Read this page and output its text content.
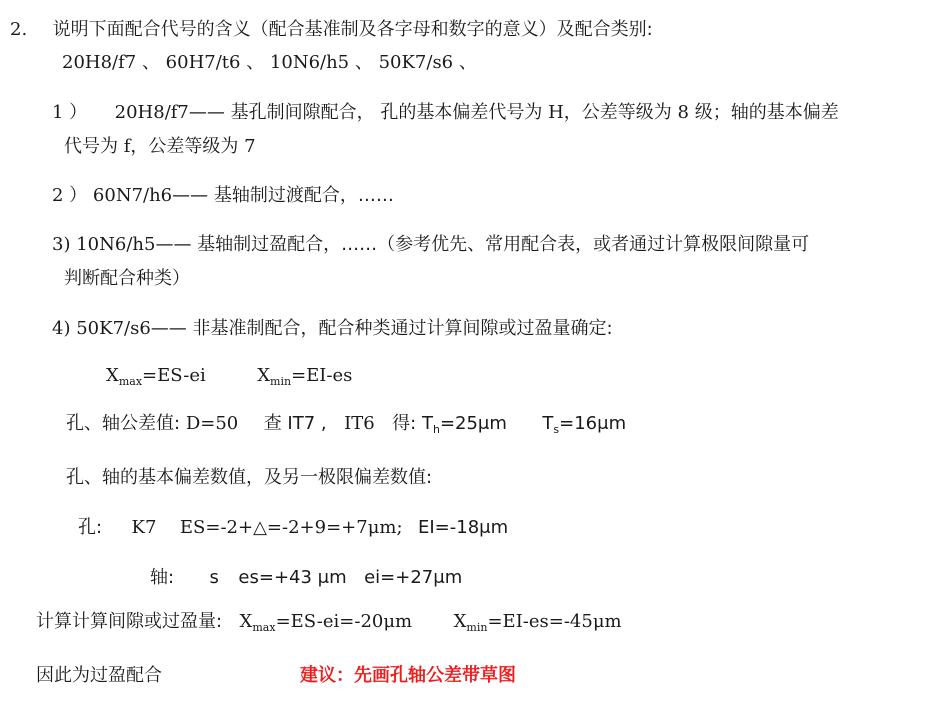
2. 说明下面配合代号的含义（配合基准制及各字母和数字的意义）及配合类别:
20H8/f7 、 60H7/t6 、 10N6/h5 、 50K7/s6 、
1 ） 20H8/f7—— 基孔制间隙配合， 孔的基本偏差代号为 H，公差等级为 8 级；轴的基本偏差
代号为 f，公差等级为 7
2 ） 60N7/h6—— 基轴制过渡配合，……
3) 10N6/h5—— 基轴制过盈配合，……（参考优先、常用配合表，或者通过计算极限间隙量可
判断配合种类）
4) 50K7/s6—— 非基准制配合，配合种类通过计算间隙或过盈量确定:
$X_{max}=ES-ei$	$X_{min}=EI-es$
孔、轴公差值: D=50 查 IT7 , IT6 得: $T_h=25\mu m$ $T_s=16\mu m$
孔、轴的基本偏差数值，及另一极限偏差数值:
孔: K7 ES=-2+△=-2+9=+7μm; EI=-18μm
轴: s es=+43 μm ei=+27μm
计算计算间隙或过盈量: $X_{max}=ES-ei=-20\mu m$ $X_{min}=EI-es=-45\mu m$
因此为过盈配合	建议：先画孔轴公差带草图
